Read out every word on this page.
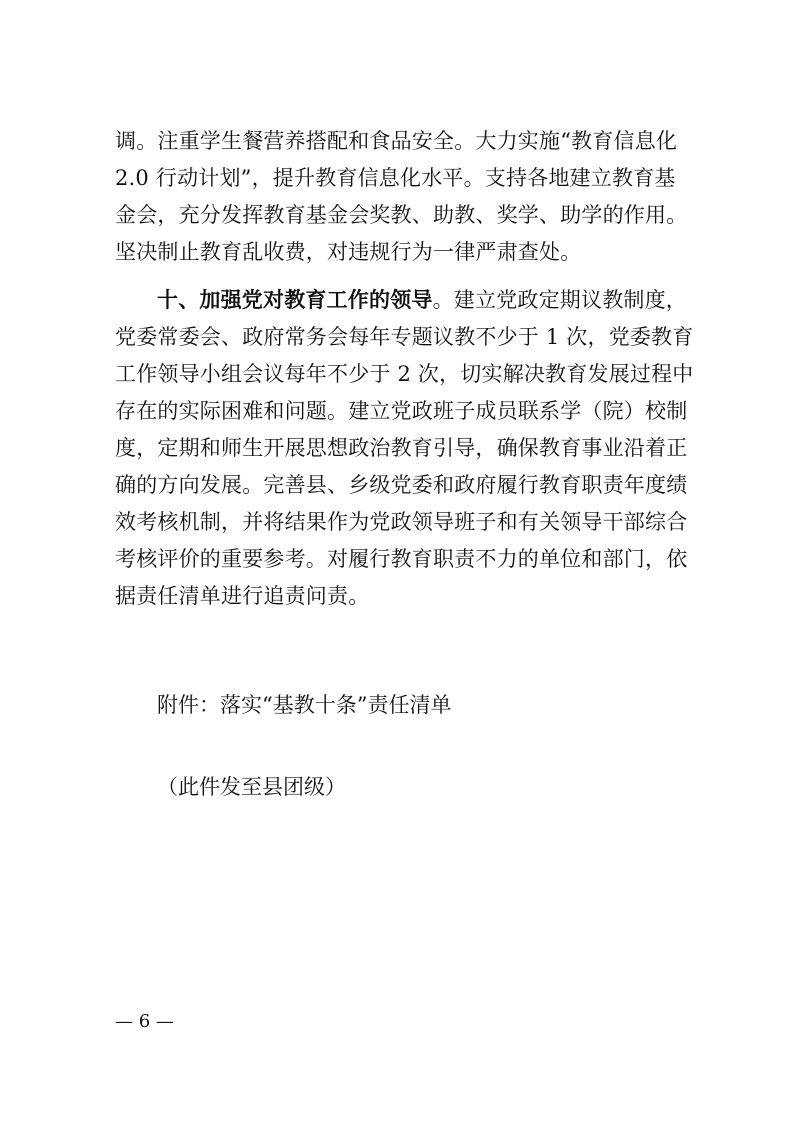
调。注重学生餐营养搭配和食品安全。大力实施“教育信息化
2.0 行动计划”，提升教育信息化水平。支持各地建立教育基
金会，充分发挥教育基金会奖教、助教、奖学、助学的作用。
坚决制止教育乱收费，对违规行为一律严肃查处。
十、加强党对教育工作的领导。建立党政定期议教制度，
党委常委会、政府常务会每年专题议教不少于 1 次，党委教育
工作领导小组会议每年不少于 2 次，切实解决教育发展过程中
存在的实际困难和问题。建立党政班子成员联系学（院）校制
度，定期和师生开展思想政治教育引导，确保教育事业沿着正
确的方向发展。完善县、乡级党委和政府履行教育职责年度绩
效考核机制，并将结果作为党政领导班子和有关领导干部综合
考核评价的重要参考。对履行教育职责不力的单位和部门，依
据责任清单进行追责问责。
附件：落实“基教十条”责任清单
（此件发至县团级）
— 6 —
